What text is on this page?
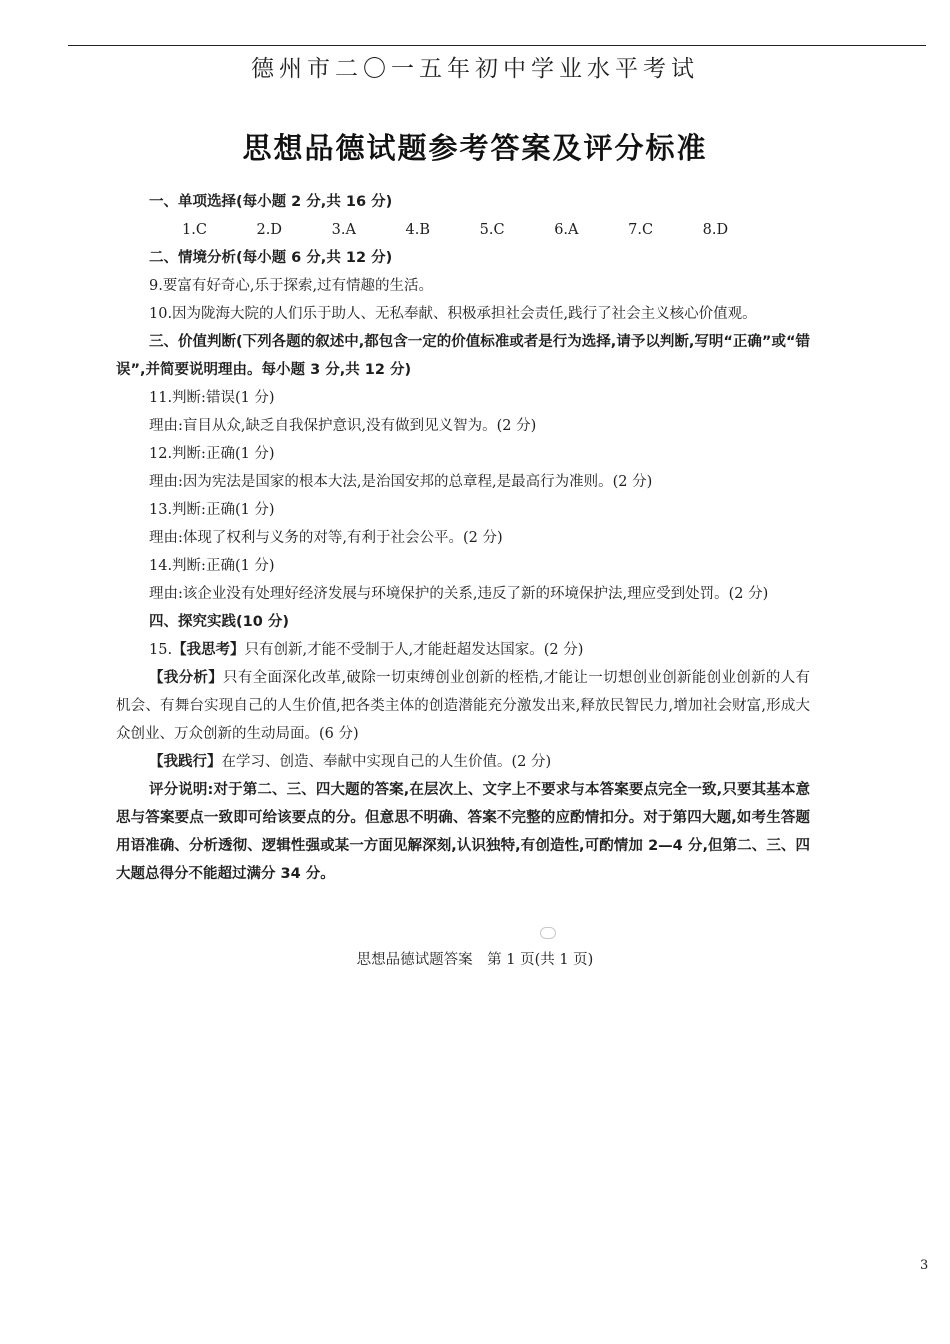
德州市二〇一五年初中学业水平考试
思想品德试题参考答案及评分标准

一、单项选择(每小题 2 分,共 16 分)

1.C	2.D	3.A	4.B	5.C	6.A	7.C	8.D

二、情境分析(每小题 6 分,共 12 分)

9.要富有好奇心,乐于探索,过有情趣的生活。

10.因为陇海大院的人们乐于助人、无私奉献、积极承担社会责任,践行了社会主义核心价值观。

三、价值判断(下列各题的叙述中,都包含一定的价值标准或者是行为选择,请予以判断,写明“正确”或“错误”,并简要说明理由。每小题 3 分,共 12 分)

11.判断:错误(1 分)

理由:盲目从众,缺乏自我保护意识,没有做到见义智为。(2 分)

12.判断:正确(1 分)

理由:因为宪法是国家的根本大法,是治国安邦的总章程,是最高行为准则。(2 分)

13.判断:正确(1 分)

理由:体现了权利与义务的对等,有利于社会公平。(2 分)

14.判断:正确(1 分)

理由:该企业没有处理好经济发展与环境保护的关系,违反了新的环境保护法,理应受到处罚。(2 分)

四、探究实践(10 分)

15.【我思考】只有创新,才能不受制于人,才能赶超发达国家。(2 分)

【我分析】只有全面深化改革,破除一切束缚创业创新的桎梏,才能让一切想创业创新能创业创新的人有机会、有舞台实现自己的人生价值,把各类主体的创造潜能充分激发出来,释放民智民力,增加社会财富,形成大众创业、万众创新的生动局面。(6 分)

【我践行】在学习、创造、奉献中实现自己的人生价值。(2 分)

评分说明:对于第二、三、四大题的答案,在层次上、文字上不要求与本答案要点完全一致,只要其基本意思与答案要点一致即可给该要点的分。但意思不明确、答案不完整的应酌情扣分。对于第四大题,如考生答题用语准确、分析透彻、逻辑性强或某一方面见解深刻,认识独特,有创造性,可酌情加 2—4 分,但第二、三、四大题总得分不能超过满分 34 分。

思想品德试题答案　第 1 页(共 1 页)
3
